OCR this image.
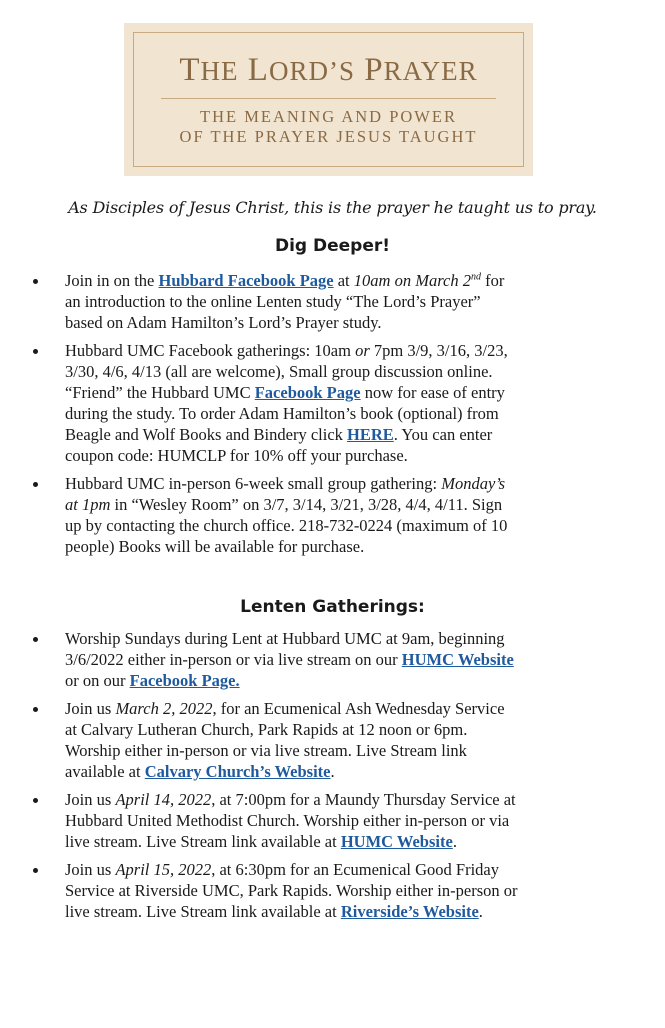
THE LORD’S PRAYER
THE MEANING AND POWER
OF THE PRAYER JESUS TAUGHT
As Disciples of Jesus Christ, this is the prayer he taught us to pray.
Dig Deeper!
Join in on the Hubbard Facebook Page at 10am on March 2nd for
an introduction to the online Lenten study “The Lord’s Prayer”
based on Adam Hamilton’s Lord’s Prayer study.
Hubbard UMC Facebook gatherings: 10am or 7pm 3/9, 3/16, 3/23,
3/30, 4/6, 4/13 (all are welcome), Small group discussion online.
“Friend” the Hubbard UMC Facebook Page now for ease of entry
during the study. To order Adam Hamilton’s book (optional) from
Beagle and Wolf Books and Bindery click HERE. You can enter
coupon code: HUMCLP for 10% off your purchase.
Hubbard UMC in-person 6-week small group gathering: Monday’s
at 1pm in “Wesley Room” on 3/7, 3/14, 3/21, 3/28, 4/4, 4/11. Sign
up by contacting the church office. 218-732-0224 (maximum of 10
people) Books will be available for purchase.
Lenten Gatherings:
Worship Sundays during Lent at Hubbard UMC at 9am, beginning
3/6/2022 either in-person or via live stream on our HUMC Website
or on our Facebook Page.
Join us March 2, 2022, for an Ecumenical Ash Wednesday Service
at Calvary Lutheran Church, Park Rapids at 12 noon or 6pm.
Worship either in-person or via live stream. Live Stream link
available at Calvary Church’s Website.
Join us April 14, 2022, at 7:00pm for a Maundy Thursday Service at
Hubbard United Methodist Church. Worship either in-person or via
live stream. Live Stream link available at HUMC Website.
Join us April 15, 2022, at 6:30pm for an Ecumenical Good Friday
Service at Riverside UMC, Park Rapids. Worship either in-person or
live stream. Live Stream link available at Riverside’s Website.
